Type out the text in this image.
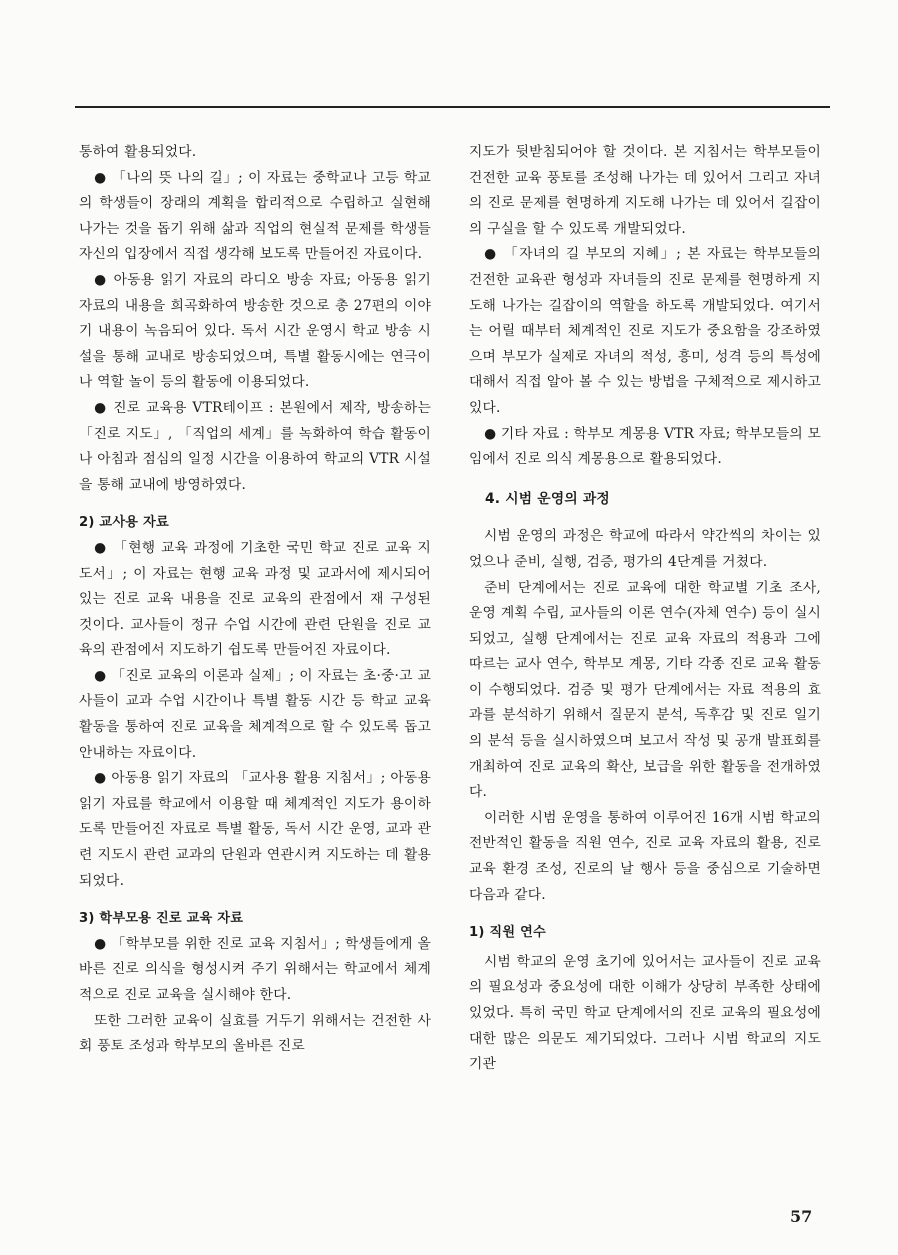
통하여 활용되었다.

● 「나의 뜻 나의 길」; 이 자료는 중학교나 고등 학교의 학생들이 장래의 계획을 합리적으로 수립하고 실현해 나가는 것을 돕기 위해 삶과 직업의 현실적 문제를 학생들 자신의 입장에서 직접 생각해 보도록 만들어진 자료이다.

● 아동용 읽기 자료의 라디오 방송 자료; 아동용 읽기 자료의 내용을 희곡화하여 방송한 것으로 총 27편의 이야기 내용이 녹음되어 있다. 독서 시간 운영시 학교 방송 시설을 통해 교내로 방송되었으며, 특별 활동시에는 연극이나 역할 놀이 등의 활동에 이용되었다.

● 진로 교육용 VTR테이프 : 본원에서 제작, 방송하는 「진로 지도」, 「직업의 세계」를 녹화하여 학습 활동이나 아침과 점심의 일정 시간을 이용하여 학교의 VTR 시설을 통해 교내에 방영하였다.

2) 교사용 자료

● 「현행 교육 과정에 기초한 국민 학교 진로 교육 지도서」; 이 자료는 현행 교육 과정 및 교과서에 제시되어 있는 진로 교육 내용을 진로 교육의 관점에서 재 구성된 것이다. 교사들이 정규 수업 시간에 관련 단원을 진로 교육의 관점에서 지도하기 쉽도록 만들어진 자료이다.

● 「진로 교육의 이론과 실제」; 이 자료는 초·중·고 교사들이 교과 수업 시간이나 특별 활동 시간 등 학교 교육 활동을 통하여 진로 교육을 체계적으로 할 수 있도록 돕고 안내하는 자료이다.

● 아동용 읽기 자료의 「교사용 활용 지침서」; 아동용 읽기 자료를 학교에서 이용할 때 체계적인 지도가 용이하도록 만들어진 자료로 특별 활동, 독서 시간 운영, 교과 관련 지도시 관련 교과의 단원과 연관시켜 지도하는 데 활용되었다.

3) 학부모용 진로 교육 자료

● 「학부모를 위한 진로 교육 지침서」; 학생들에게 올바른 진로 의식을 형성시켜 주기 위해서는 학교에서 체계적으로 진로 교육을 실시해야 한다.

또한 그러한 교육이 실효를 거두기 위해서는 건전한 사회 풍토 조성과 학부모의 올바른 진로

지도가 뒷받침되어야 할 것이다. 본 지침서는 학부모들이 건전한 교육 풍토를 조성해 나가는 데 있어서 그리고 자녀의 진로 문제를 현명하게 지도해 나가는 데 있어서 길잡이의 구실을 할 수 있도록 개발되었다.

● 「자녀의 길 부모의 지혜」; 본 자료는 학부모들의 건전한 교육관 형성과 자녀들의 진로 문제를 현명하게 지도해 나가는 길잡이의 역할을 하도록 개발되었다. 여기서는 어릴 때부터 체계적인 진로 지도가 중요함을 강조하였으며 부모가 실제로 자녀의 적성, 흥미, 성격 등의 특성에 대해서 직접 알아 볼 수 있는 방법을 구체적으로 제시하고 있다.

● 기타 자료 : 학부모 계몽용 VTR 자료; 학부모들의 모임에서 진로 의식 계몽용으로 활용되었다.

4. 시범 운영의 과정

시범 운영의 과정은 학교에 따라서 약간씩의 차이는 있었으나 준비, 실행, 검증, 평가의 4단계를 거쳤다.

준비 단계에서는 진로 교육에 대한 학교별 기초 조사, 운영 계획 수립, 교사들의 이론 연수(자체 연수) 등이 실시되었고, 실행 단계에서는 진로 교육 자료의 적용과 그에 따르는 교사 연수, 학부모 계몽, 기타 각종 진로 교육 활동이 수행되었다. 검증 및 평가 단계에서는 자료 적용의 효과를 분석하기 위해서 질문지 분석, 독후감 및 진로 일기의 분석 등을 실시하였으며 보고서 작성 및 공개 발표회를 개최하여 진로 교육의 확산, 보급을 위한 활동을 전개하였다.

이러한 시범 운영을 통하여 이루어진 16개 시범 학교의 전반적인 활동을 직원 연수, 진로 교육 자료의 활용, 진로 교육 환경 조성, 진로의 날 행사 등을 중심으로 기술하면 다음과 같다.

1) 직원 연수

시범 학교의 운영 초기에 있어서는 교사들이 진로 교육의 필요성과 중요성에 대한 이해가 상당히 부족한 상태에 있었다. 특히 국민 학교 단계에서의 진로 교육의 필요성에 대한 많은 의문도 제기되었다. 그러나 시범 학교의 지도 기관

57
